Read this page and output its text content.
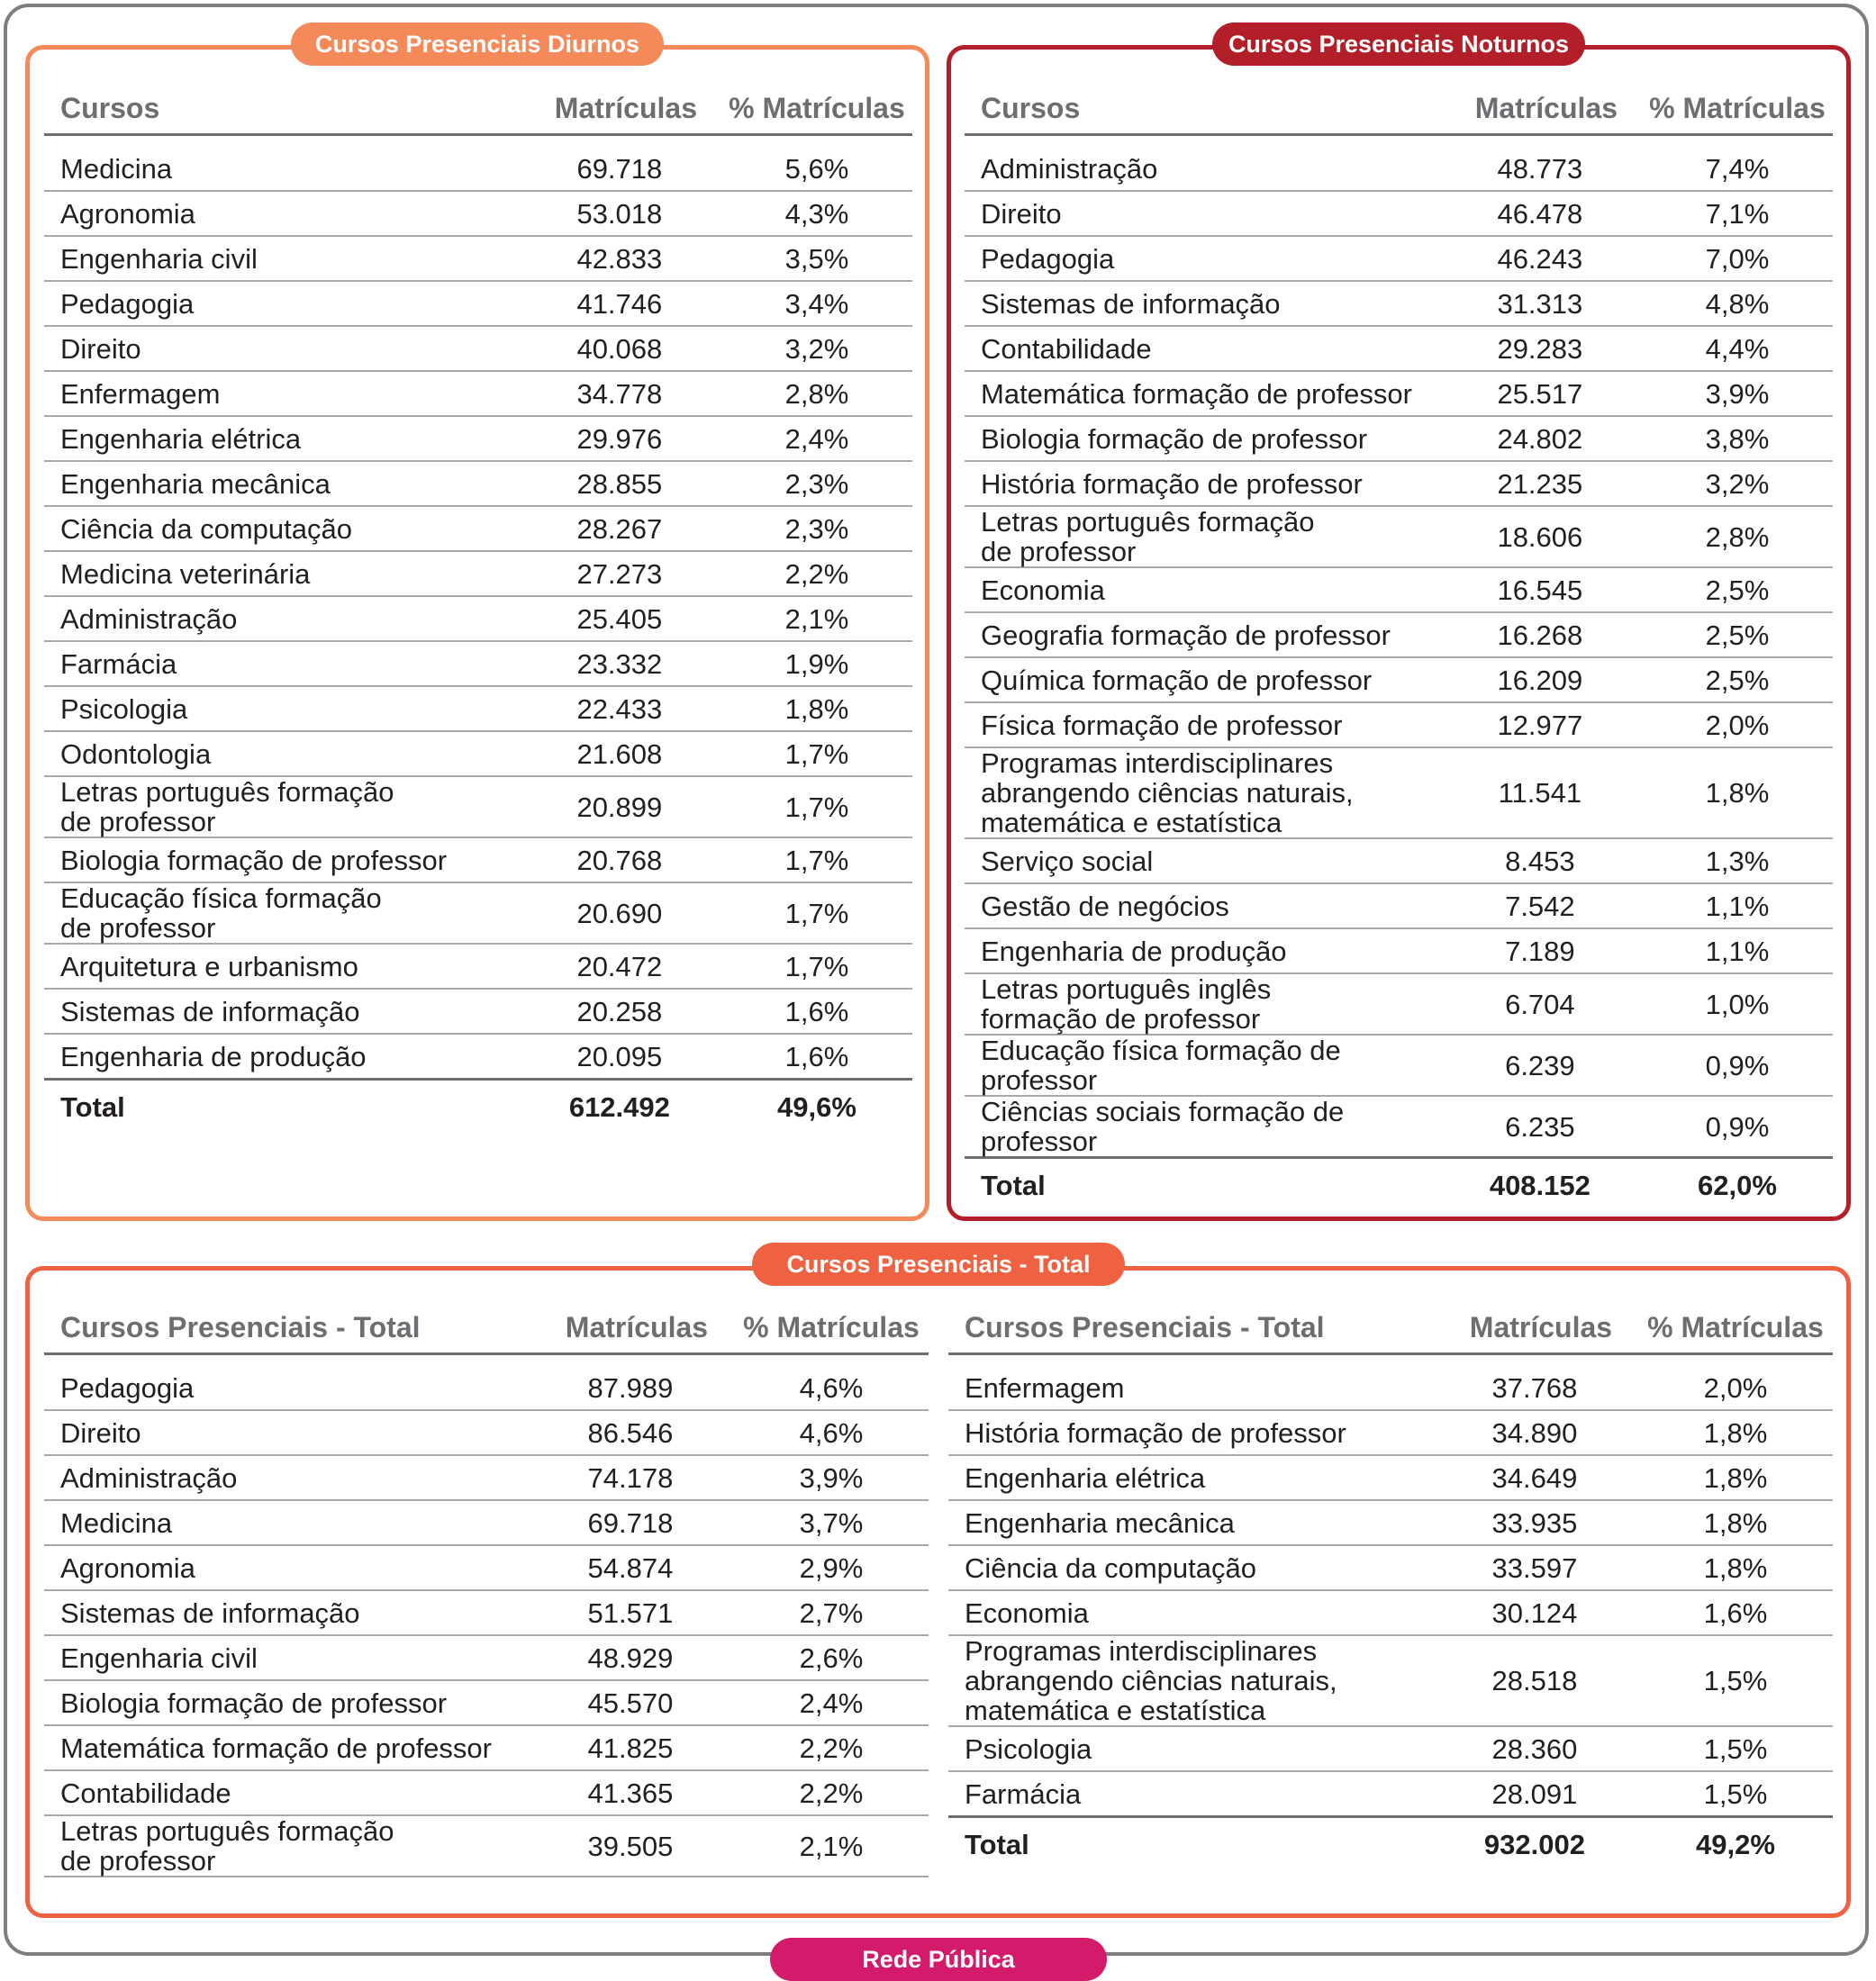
Cursos Presenciais Diurnos
Cursos	Matrículas	% Matrículas
Medicina	69.718	5,6%
Agronomia	53.018	4,3%
Engenharia civil	42.833	3,5%
Pedagogia	41.746	3,4%
Direito	40.068	3,2%
Enfermagem	34.778	2,8%
Engenharia elétrica	29.976	2,4%
Engenharia mecânica	28.855	2,3%
Ciência da computação	28.267	2,3%
Medicina veterinária	27.273	2,2%
Administração	25.405	2,1%
Farmácia	23.332	1,9%
Psicologia	22.433	1,8%
Odontologia	21.608	1,7%
Letras português formação
de professor	20.899	1,7%
Biologia formação de professor	20.768	1,7%
Educação física formação
de professor	20.690	1,7%
Arquitetura e urbanismo	20.472	1,7%
Sistemas de informação	20.258	1,6%
Engenharia de produção	20.095	1,6%
Total	612.492	49,6%
Cursos Presenciais Noturnos
Cursos	Matrículas	% Matrículas
Administração	48.773	7,4%
Direito	46.478	7,1%
Pedagogia	46.243	7,0%
Sistemas de informação	31.313	4,8%
Contabilidade	29.283	4,4%
Matemática formação de professor	25.517	3,9%
Biologia formação de professor	24.802	3,8%
História formação de professor	21.235	3,2%
Letras português formação
de professor	18.606	2,8%
Economia	16.545	2,5%
Geografia formação de professor	16.268	2,5%
Química formação de professor	16.209	2,5%
Física formação de professor	12.977	2,0%
Programas interdisciplinares
abrangendo ciências naturais,
matemática e estatística	11.541	1,8%
Serviço social	8.453	1,3%
Gestão de negócios	7.542	1,1%
Engenharia de produção	7.189	1,1%
Letras português inglês
formação de professor	6.704	1,0%
Educação física formação de professor	6.239	0,9%
Ciências sociais formação de professor	6.235	0,9%
Total	408.152	62,0%
Cursos Presenciais - Total
Cursos Presenciais - Total	Matrículas	% Matrículas
Pedagogia	87.989	4,6%
Direito	86.546	4,6%
Administração	74.178	3,9%
Medicina	69.718	3,7%
Agronomia	54.874	2,9%
Sistemas de informação	51.571	2,7%
Engenharia civil	48.929	2,6%
Biologia formação de professor	45.570	2,4%
Matemática formação de professor	41.825	2,2%
Contabilidade	41.365	2,2%
Letras português formação
de professor	39.505	2,1%
Cursos Presenciais - Total	Matrículas	% Matrículas
Enfermagem	37.768	2,0%
História formação de professor	34.890	1,8%
Engenharia elétrica	34.649	1,8%
Engenharia mecânica	33.935	1,8%
Ciência da computação	33.597	1,8%
Economia	30.124	1,6%
Programas interdisciplinares
abrangendo ciências naturais,
matemática e estatística	28.518	1,5%
Psicologia	28.360	1,5%
Farmácia	28.091	1,5%
Total	932.002	49,2%
Rede Pública
